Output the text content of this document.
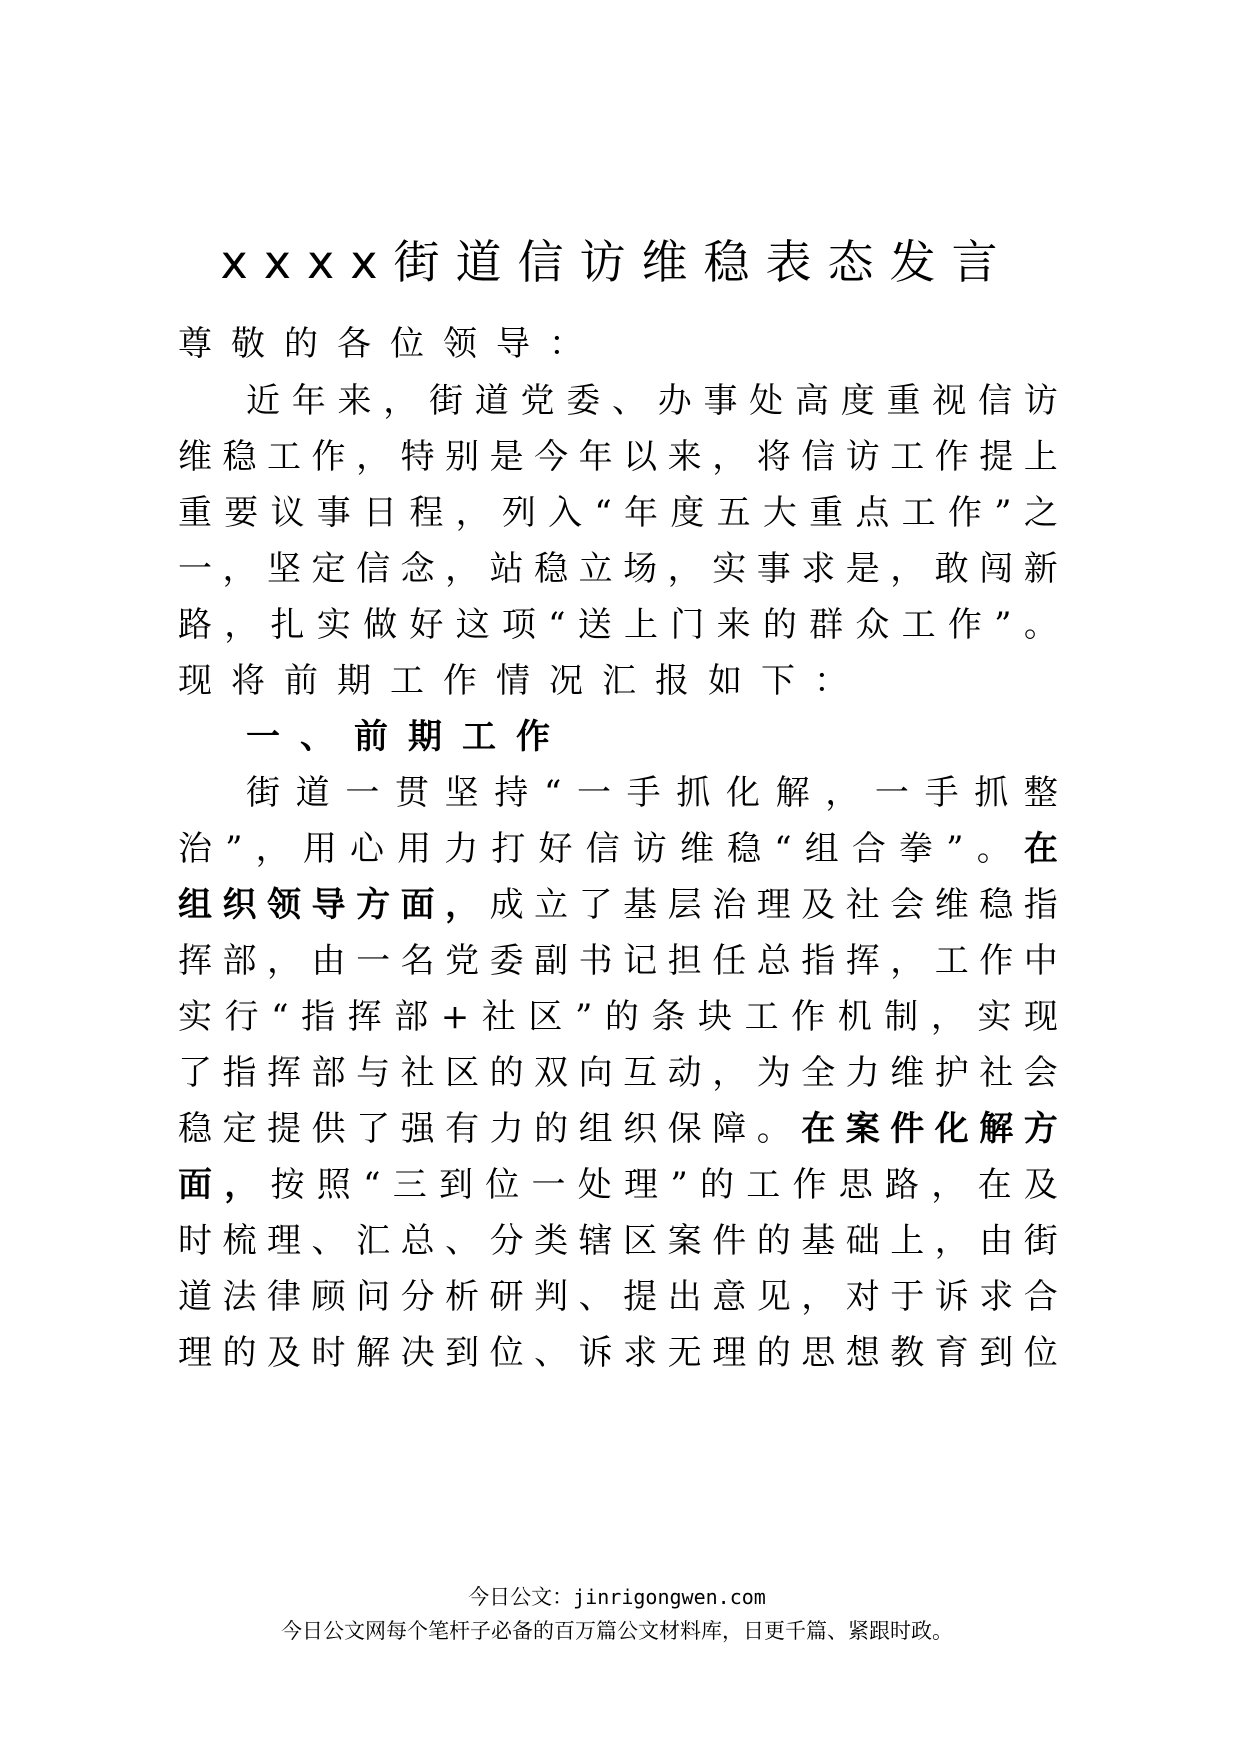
xxxx街道信访维稳表态发言
尊敬的各位领导：
近 年 来 ， 街 道 党 委 、 办 事 处 高 度 重 视 信 访
维 稳 工 作 ， 特 别 是 今 年 以 来 ， 将 信 访 工 作 提 上
重 要 议 事 日 程 ， 列 入 “ 年 度 五 大 重 点 工 作 ” 之
一 ， 坚 定 信 念 ， 站 稳 立 场 ， 实 事 求 是 ， 敢 闯 新
路 ， 扎 实 做 好 这 项 “ 送 上 门 来 的 群 众 工 作 ” 。
现将前期工作情况汇报如下：
一、前期工作
街 道 一 贯 坚 持 “ 一 手 抓 化 解 ， 一 手 抓 整
治 ” ， 用 心 用 力 打 好 信 访 维 稳 “ 组 合 拳 ” 。 在
组 织 领 导 方 面 ， 成 立 了 基 层 治 理 及 社 会 维 稳 指
挥 部 ， 由 一 名 党 委 副 书 记 担 任 总 指 挥 ， 工 作 中
实 行 “ 指 挥 部 + 社 区 ” 的 条 块 工 作 机 制 ， 实 现
了 指 挥 部 与 社 区 的 双 向 互 动 ， 为 全 力 维 护 社 会
稳 定 提 供 了 强 有 力 的 组 织 保 障 。 在 案 件 化 解 方
面 ， 按 照 “ 三 到 位 一 处 理 ” 的 工 作 思 路 ， 在 及
时 梳 理 、 汇 总 、 分 类 辖 区 案 件 的 基 础 上 ， 由 街
道 法 律 顾 问 分 析 研 判 、 提 出 意 见 ， 对 于 诉 求 合
理 的 及 时 解 决 到 位 、 诉 求 无 理 的 思 想 教 育 到 位
今日公文：jinrigongwen.com
今日公文网每个笔杆子必备的百万篇公文材料库，日更千篇、紧跟时政。
